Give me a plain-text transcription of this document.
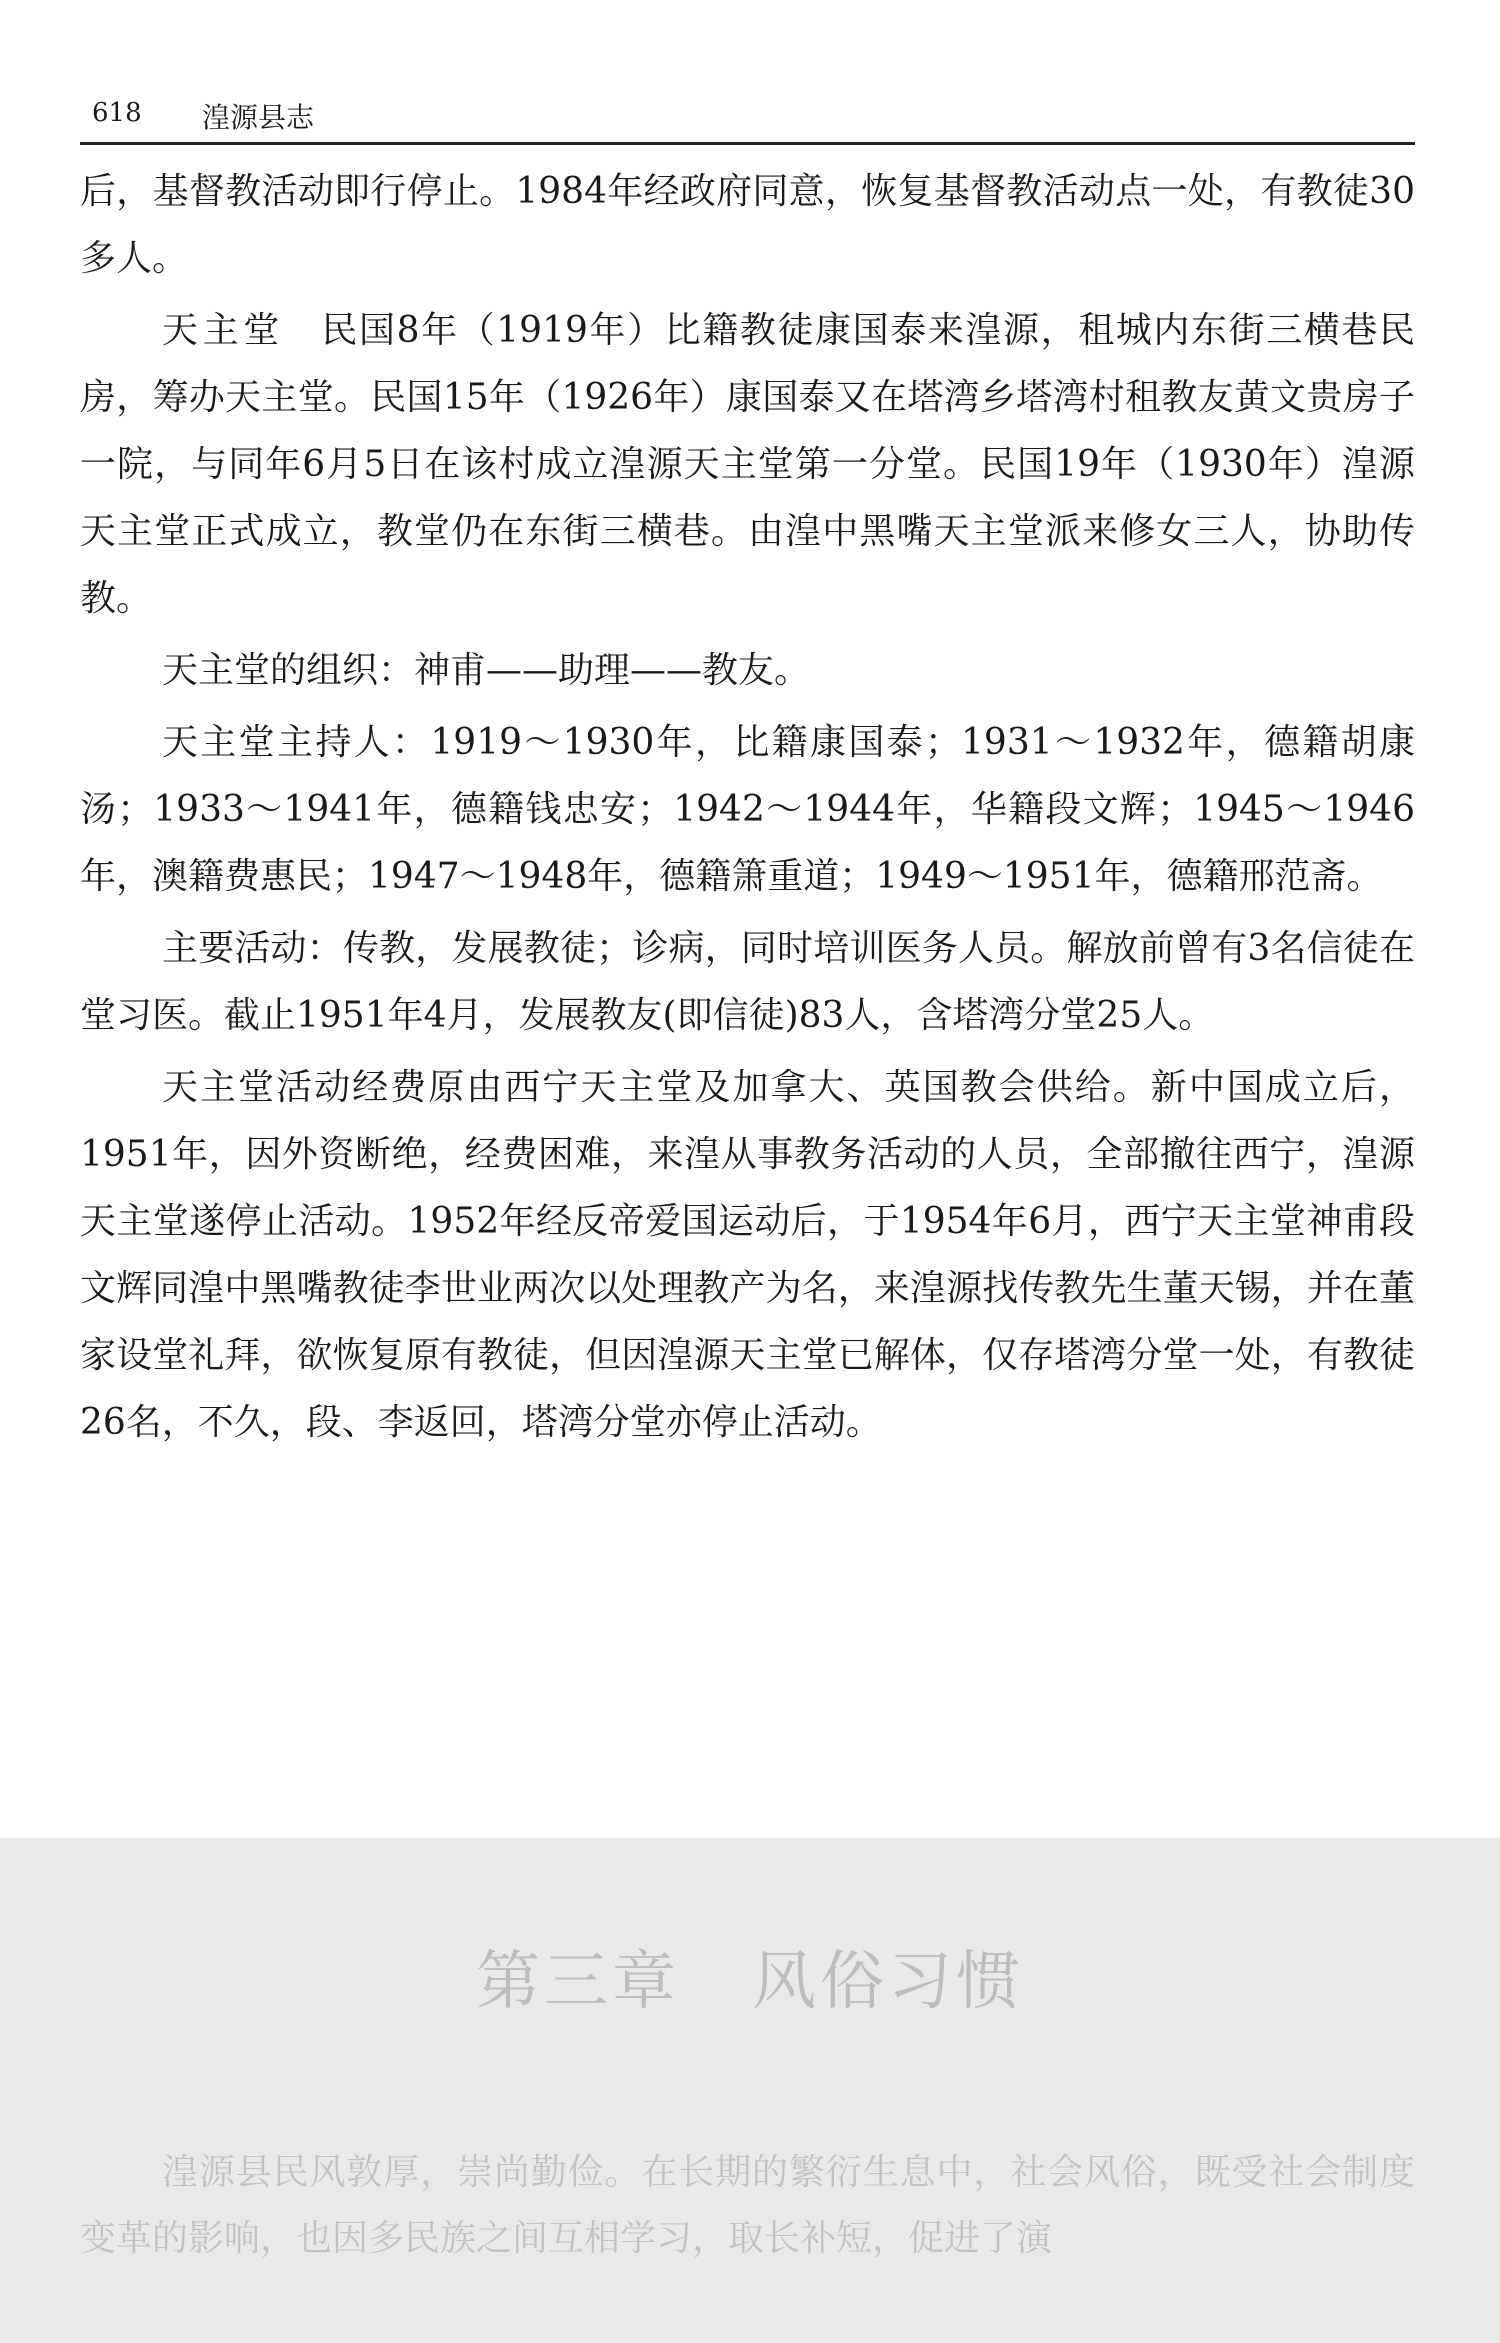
618 湟源县志

后，基督教活动即行停止。1984年经政府同意，恢复基督教活动点一处，有教徒30多人。

天主堂　民国8年（1919年）比籍教徒康国泰来湟源，租城内东街三横巷民房，筹办天主堂。民国15年（1926年）康国泰又在塔湾乡塔湾村租教友黄文贵房子一院，与同年6月5日在该村成立湟源天主堂第一分堂。民国19年（1930年）湟源天主堂正式成立，教堂仍在东街三横巷。由湟中黑嘴天主堂派来修女三人，协助传教。

天主堂的组织：神甫——助理——教友。

天主堂主持人：1919～1930年，比籍康国泰；1931～1932年，德籍胡康汤；1933～1941年，德籍钱忠安；1942～1944年，华籍段文辉；1945～1946年，澳籍费惠民；1947～1948年，德籍箫重道；1949～1951年，德籍邢范斋。

主要活动：传教，发展教徒；诊病，同时培训医务人员。解放前曾有3名信徒在堂习医。截止1951年4月，发展教友(即信徒)83人，含塔湾分堂25人。

天主堂活动经费原由西宁天主堂及加拿大、英国教会供给。新中国成立后，1951年，因外资断绝，经费困难，来湟从事教务活动的人员，全部撤往西宁，湟源天主堂遂停止活动。1952年经反帝爱国运动后，于1954年6月，西宁天主堂神甫段文辉同湟中黑嘴教徒李世业两次以处理教产为名，来湟源找传教先生董天锡，并在董家设堂礼拜，欲恢复原有教徒，但因湟源天主堂已解体，仅存塔湾分堂一处，有教徒26名，不久，段、李返回，塔湾分堂亦停止活动。

第三章 风俗习惯

湟源县民风敦厚，崇尚勤俭。在长期的繁衍生息中，社会风俗，既受社会制度变革的影响，也因多民族之间互相学习，取长补短，促进了演
